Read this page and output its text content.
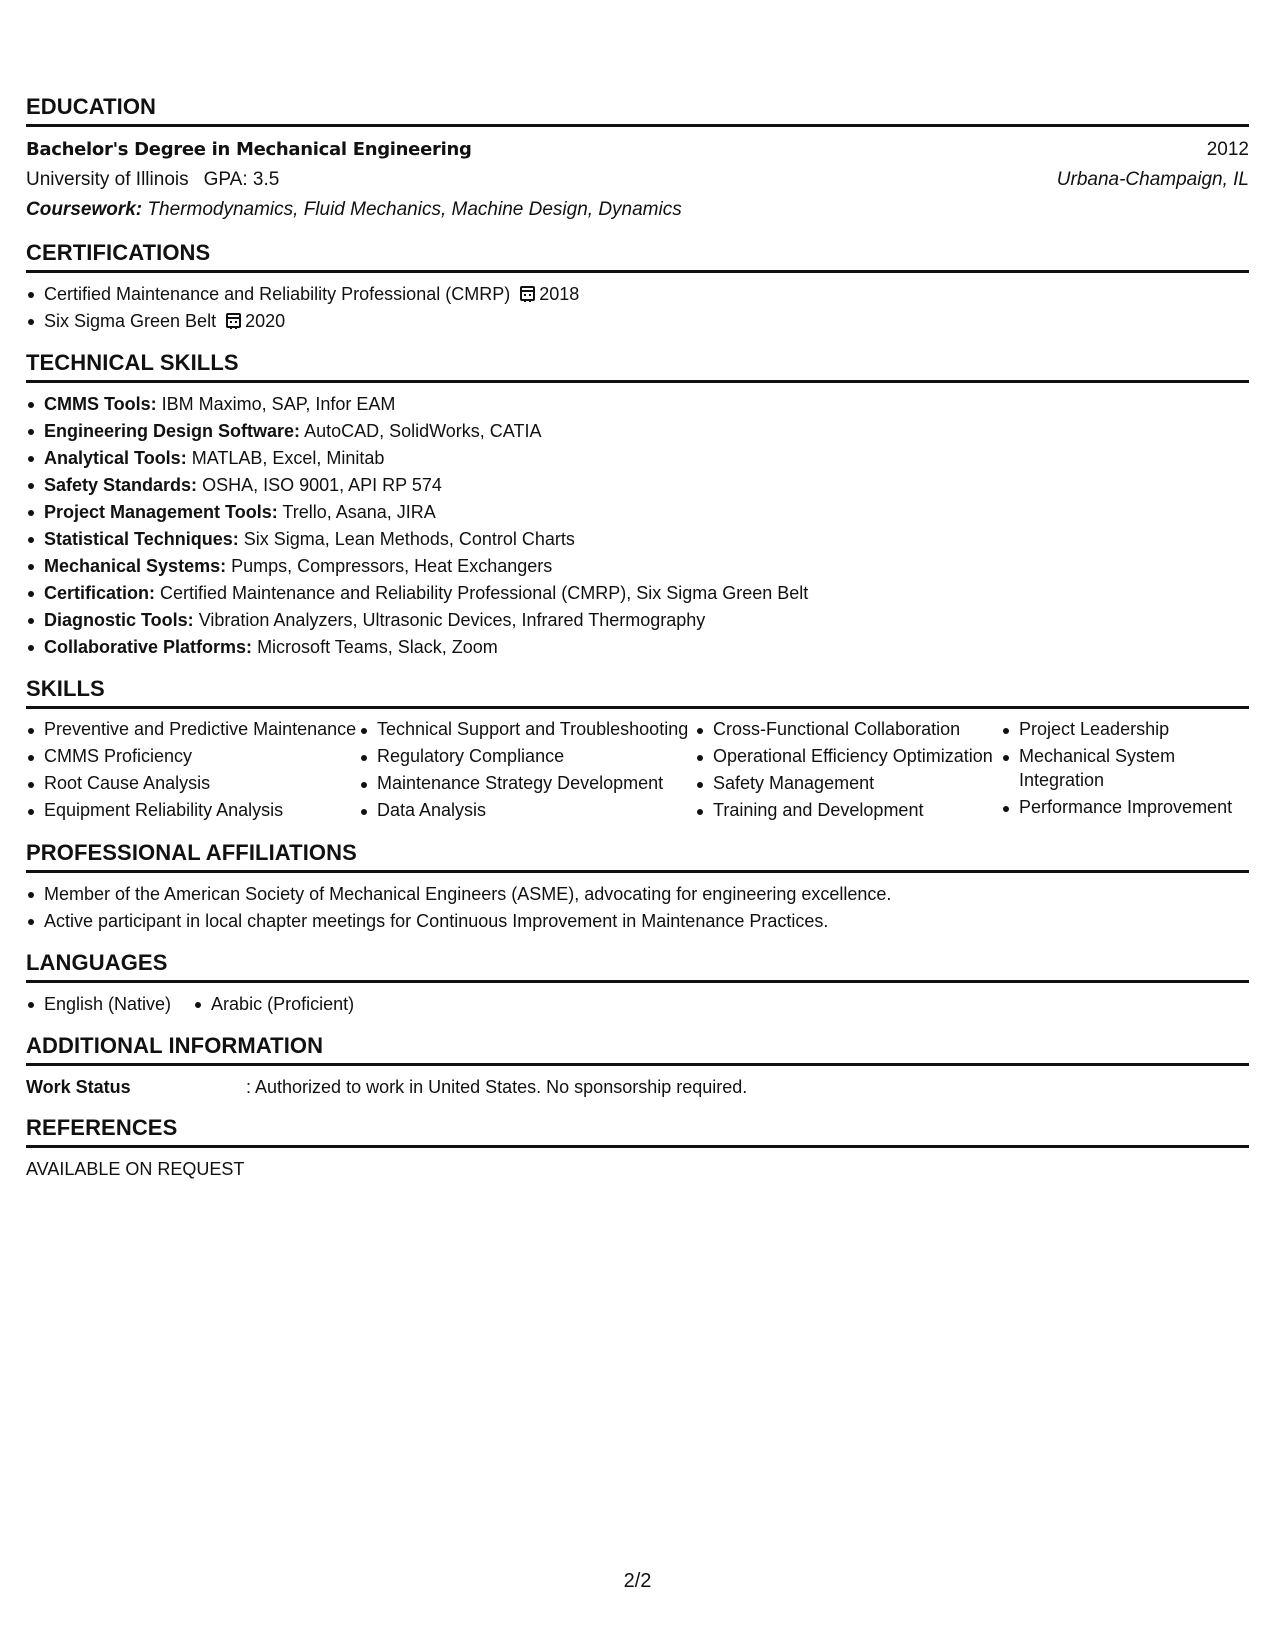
EDUCATION
Bachelor's Degree in Mechanical Engineering	2012
University of Illinois GPA: 3.5	Urbana-Champaign, IL
Coursework: Thermodynamics, Fluid Mechanics, Machine Design, Dynamics
CERTIFICATIONS
Certified Maintenance and Reliability Professional (CMRP) 2018
Six Sigma Green Belt 2020
TECHNICAL SKILLS
CMMS Tools: IBM Maximo, SAP, Infor EAM
Engineering Design Software: AutoCAD, SolidWorks, CATIA
Analytical Tools: MATLAB, Excel, Minitab
Safety Standards: OSHA, ISO 9001, API RP 574
Project Management Tools: Trello, Asana, JIRA
Statistical Techniques: Six Sigma, Lean Methods, Control Charts
Mechanical Systems: Pumps, Compressors, Heat Exchangers
Certification: Certified Maintenance and Reliability Professional (CMRP), Six Sigma Green Belt
Diagnostic Tools: Vibration Analyzers, Ultrasonic Devices, Infrared Thermography
Collaborative Platforms: Microsoft Teams, Slack, Zoom
SKILLS
Preventive and Predictive Maintenance
CMMS Proficiency
Root Cause Analysis
Equipment Reliability Analysis
Technical Support and Troubleshooting
Regulatory Compliance
Maintenance Strategy Development
Data Analysis
Cross-Functional Collaboration
Operational Efficiency Optimization
Safety Management
Training and Development
Project Leadership
Mechanical System Integration
Performance Improvement
PROFESSIONAL AFFILIATIONS
Member of the American Society of Mechanical Engineers (ASME), advocating for engineering excellence.
Active participant in local chapter meetings for Continuous Improvement in Maintenance Practices.
LANGUAGES
English (Native)	Arabic (Proficient)
ADDITIONAL INFORMATION
Work Status	: Authorized to work in United States. No sponsorship required.
REFERENCES
AVAILABLE ON REQUEST
2/2
